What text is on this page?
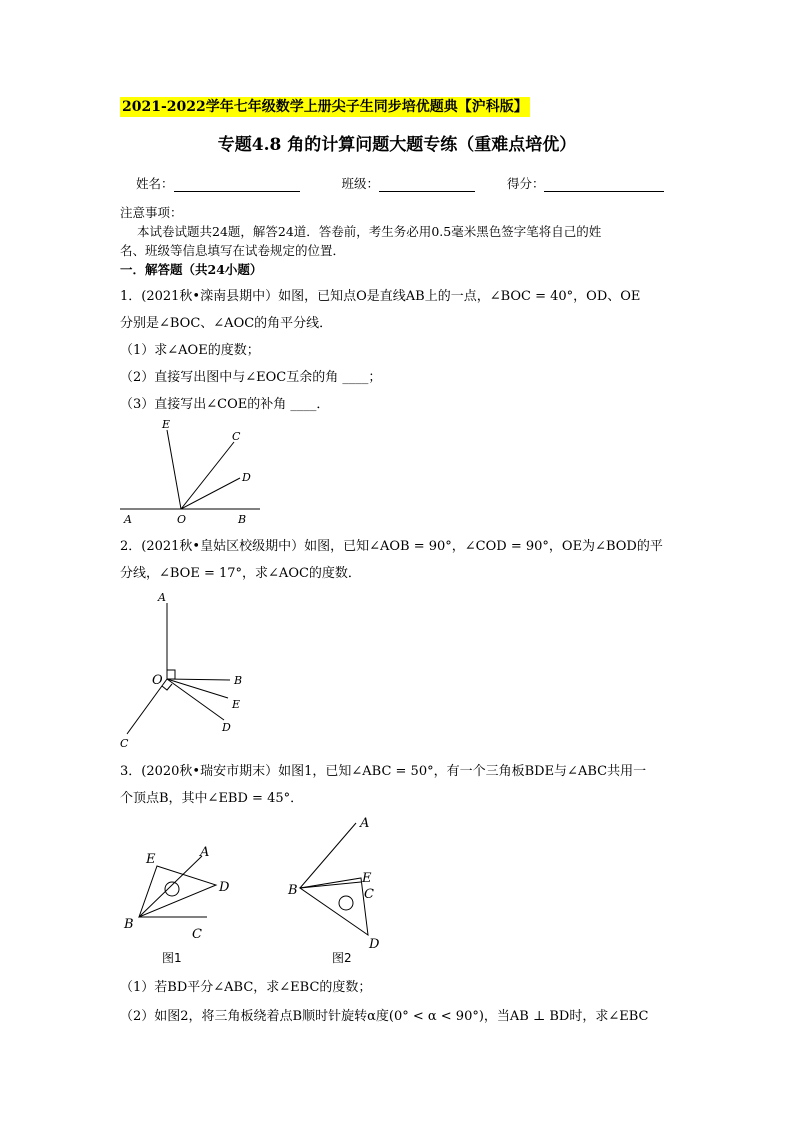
2021-2022学年七年级数学上册尖子生同步培优题典【沪科版】
专题4.8 角的计算问题大题专练（重难点培优）
姓名：	班级：	得分：
注意事项：
本试卷试题共24题，解答24道．答卷前，考生务必用0.5毫米黑色签字笔将自己的姓
名、班级等信息填写在试卷规定的位置．
一．解答题（共24小题）
1．(2021秋•滦南县期中）如图，已知点O是直线AB上的一点，∠BOC = 40°，OD、OE
分别是∠BOC、∠AOC的角平分线．
（1）求∠AOE的度数；
（2）直接写出图中与∠EOC互余的角 ____；
（3）直接写出∠COE的补角 ____．
E
C
D
A	O	B
2．(2021秋•皇姑区校级期中）如图，已知∠AOB = 90°，∠COD = 90°，OE为∠BOD的平
分线，∠BOE = 17°，求∠AOC的度数．
A
O	B
E
D
C
3．(2020秋•瑞安市期末）如图1，已知∠ABC = 50°，有一个三角板BDE与∠ABC共用一
个顶点B，其中∠EBD = 45°．
E	A
D
B
C
图1
A
B
E
C
D
图2
（1）若BD平分∠ABC，求∠EBC的度数；
（2）如图2，将三角板绕着点B顺时针旋转α度(0° < α < 90°)，当AB ⊥ BD时，求∠EBC
